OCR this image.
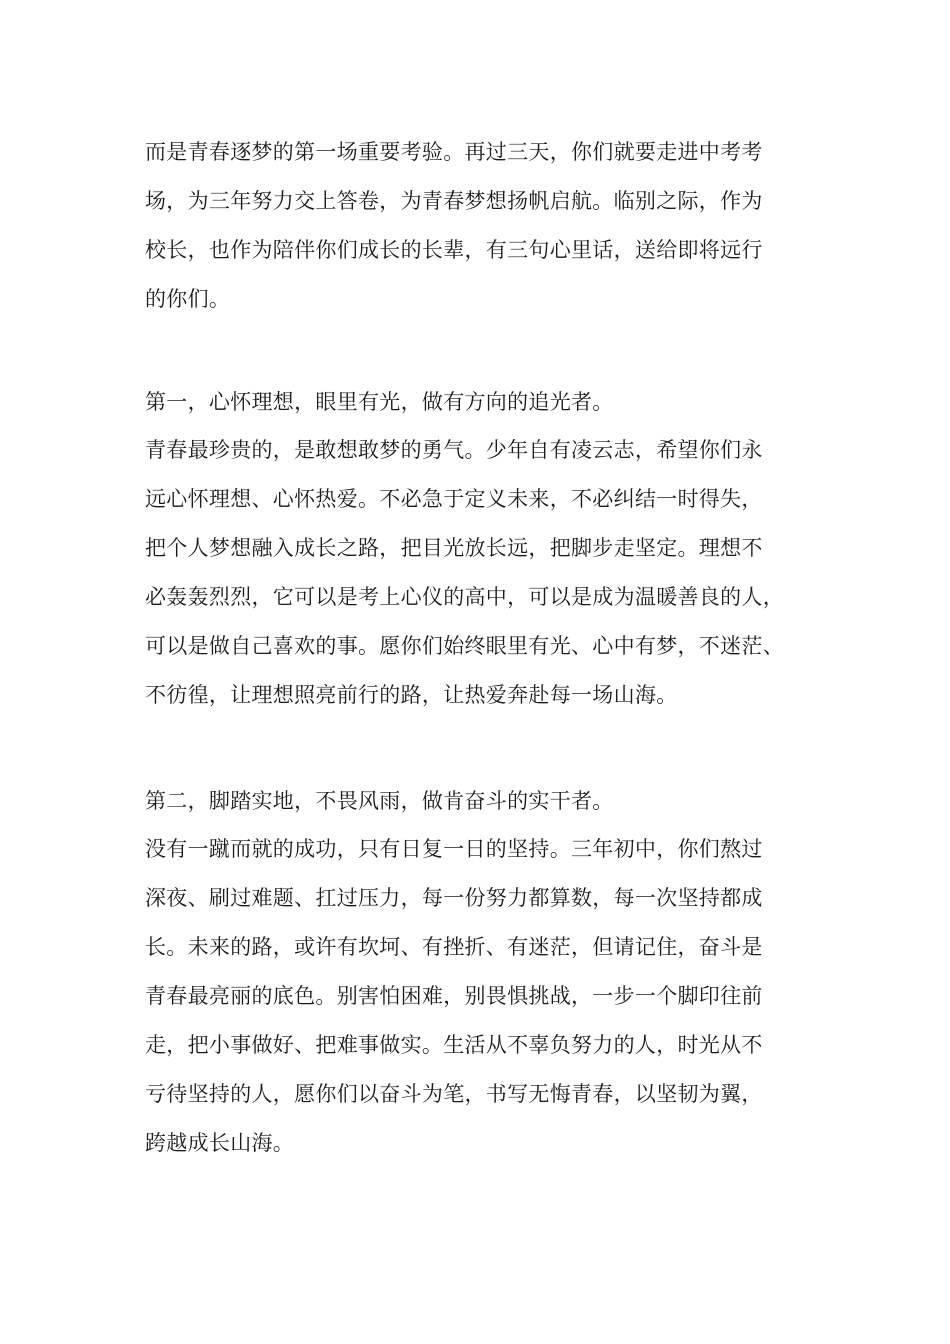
而是青春逐梦的第一场重要考验。再过三天，你们就要走进中考考
场，为三年努力交上答卷，为青春梦想扬帆启航。临别之际，作为
校长，也作为陪伴你们成长的长辈，有三句心里话，送给即将远行
的你们。
第一，心怀理想，眼里有光，做有方向的追光者。
青春最珍贵的，是敢想敢梦的勇气。少年自有凌云志，希望你们永
远心怀理想、心怀热爱。不必急于定义未来，不必纠结一时得失，
把个人梦想融入成长之路，把目光放长远，把脚步走坚定。理想不
必轰轰烈烈，它可以是考上心仪的高中，可以是成为温暖善良的人，
可以是做自己喜欢的事。愿你们始终眼里有光、心中有梦，不迷茫、
不彷徨，让理想照亮前行的路，让热爱奔赴每一场山海。
第二，脚踏实地，不畏风雨，做肯奋斗的实干者。
没有一蹴而就的成功，只有日复一日的坚持。三年初中，你们熬过
深夜、刷过难题、扛过压力，每一份努力都算数，每一次坚持都成
长。未来的路，或许有坎坷、有挫折、有迷茫，但请记住，奋斗是
青春最亮丽的底色。别害怕困难，别畏惧挑战，一步一个脚印往前
走，把小事做好、把难事做实。生活从不辜负努力的人，时光从不
亏待坚持的人，愿你们以奋斗为笔，书写无悔青春，以坚韧为翼，
跨越成长山海。
